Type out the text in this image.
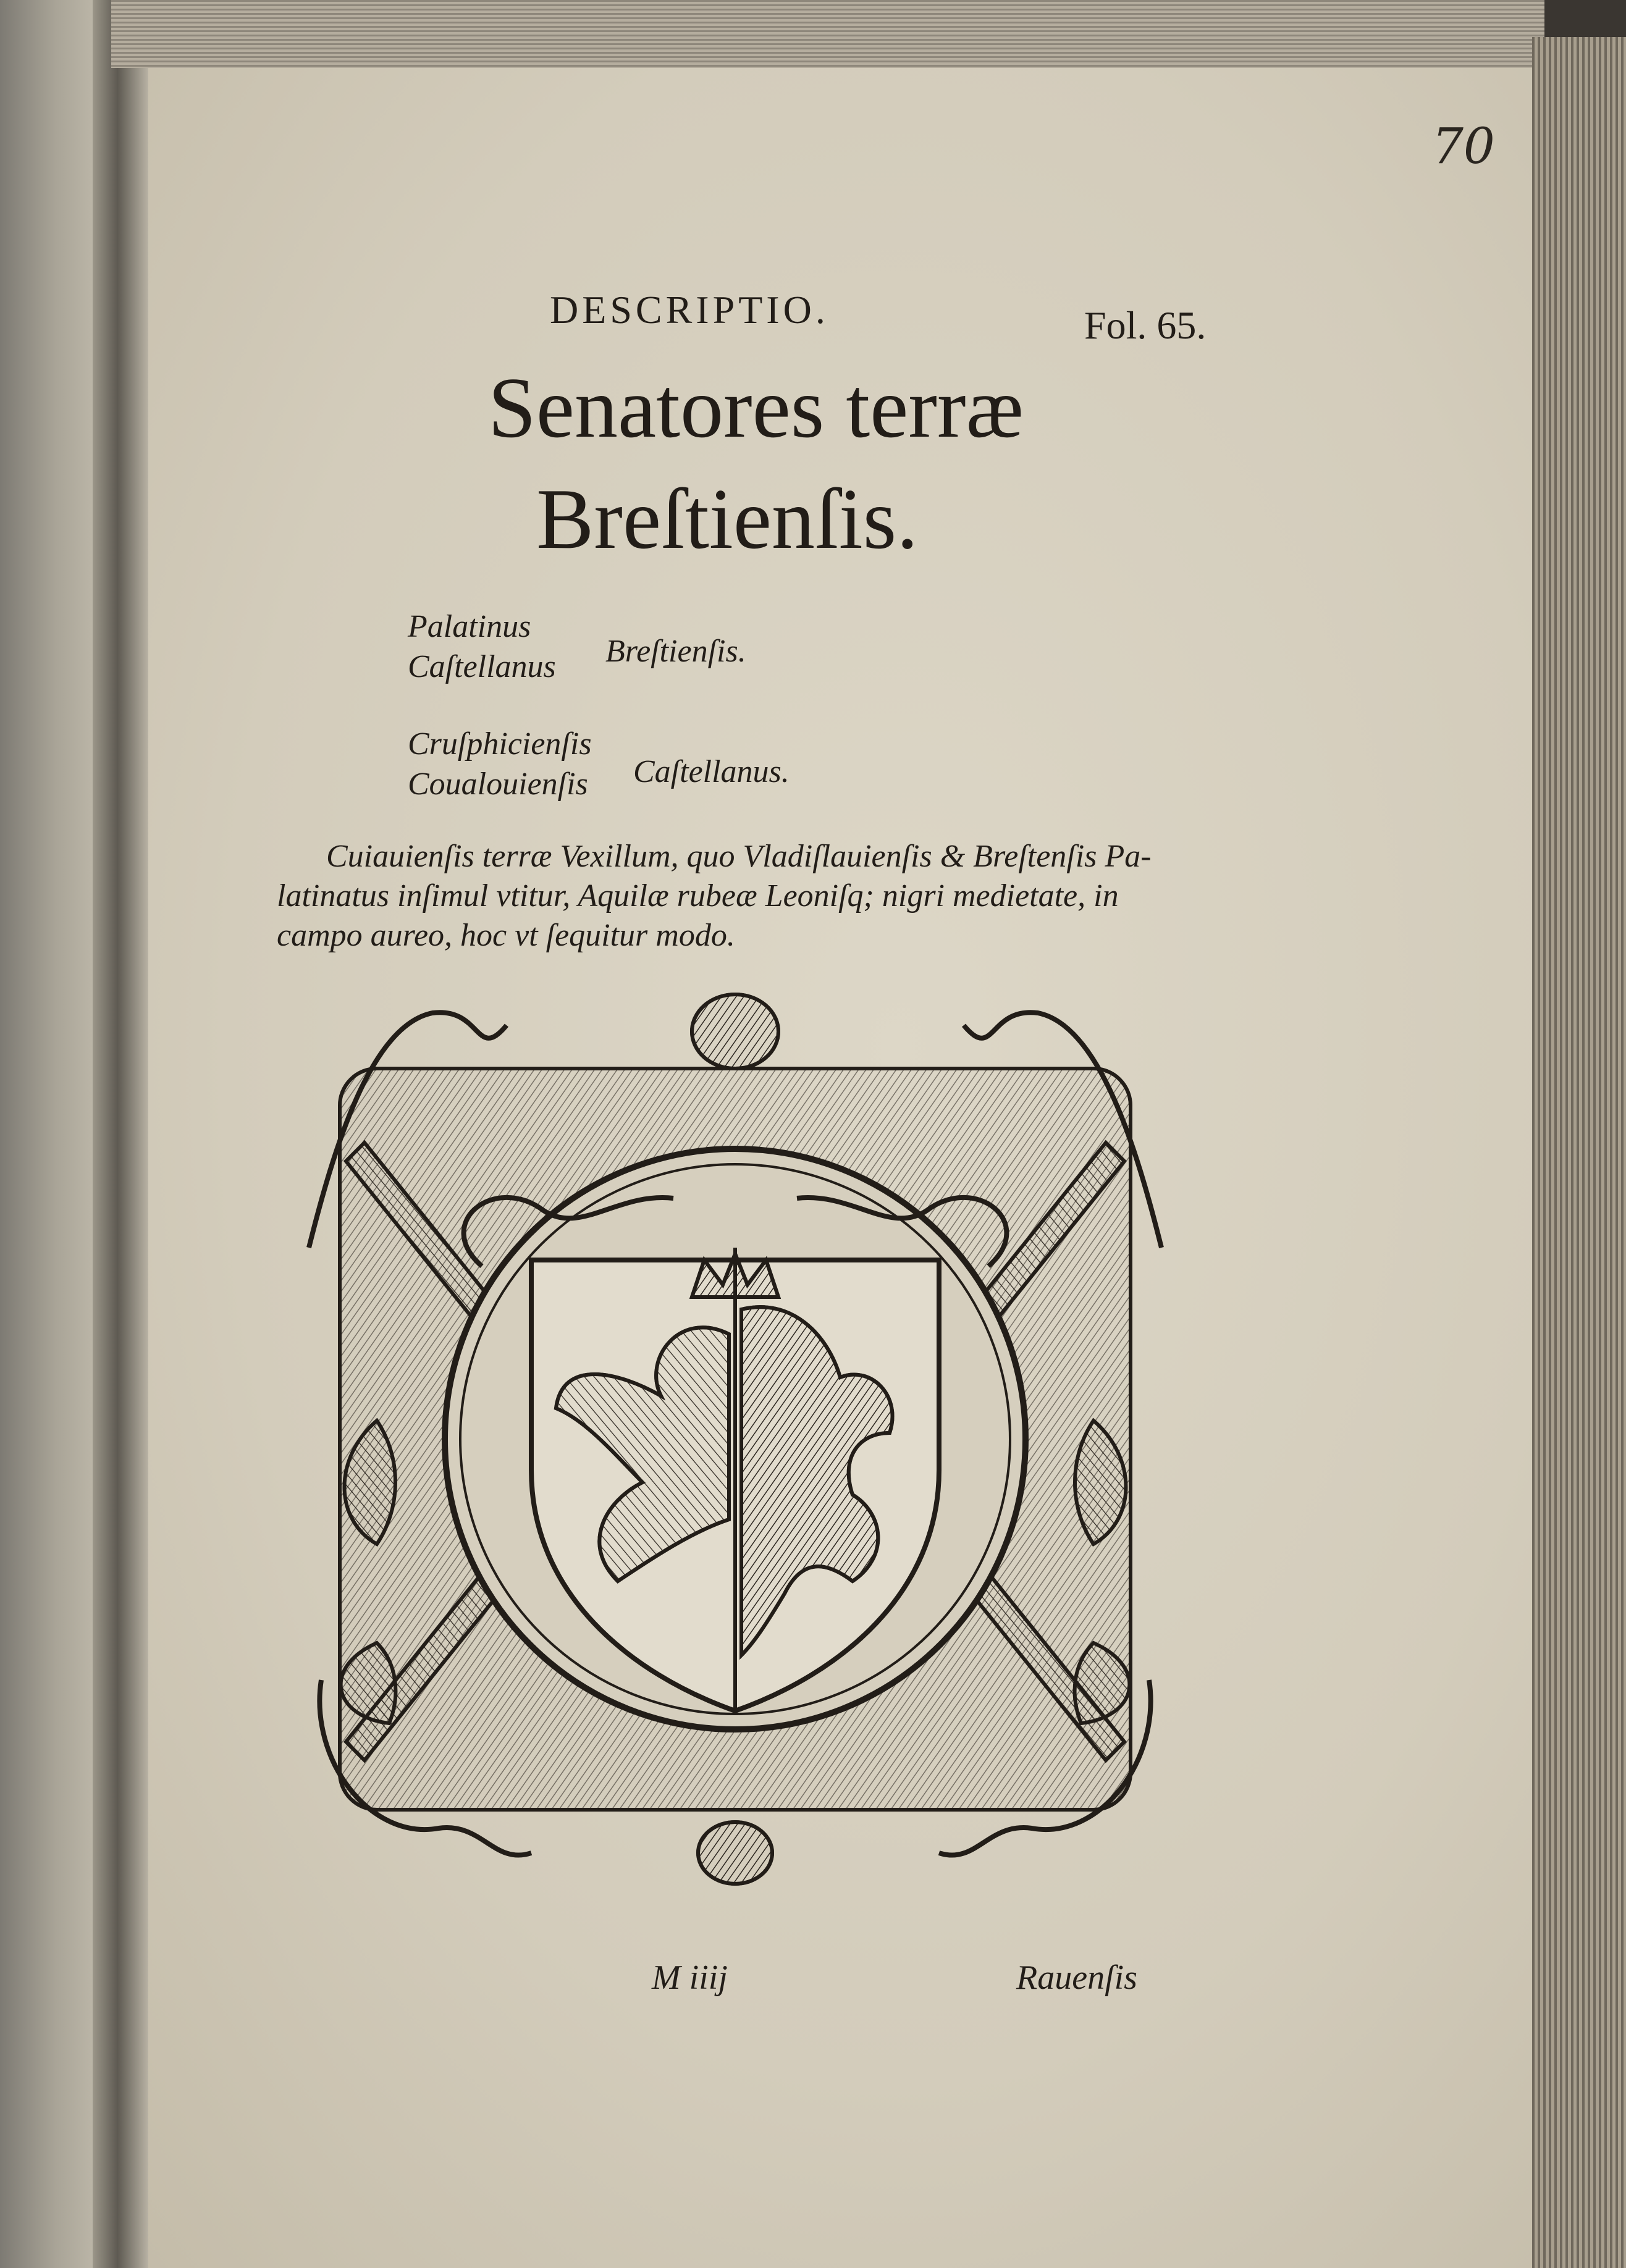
70
DESCRIPTIO.	Fol. 65.
Senatores terræ
Breſtienſis.
Palatinus
Caſtellanus Breſtienſis.
Cruſphicienſis
Coualouienſis Caſtellanus.
Cuiauienſis terræ Vexillum, quo Vladiſlauienſis & Breſtenſis Pa-
latinatus inſimul vtitur, Aquilæ rubeæ Leoniſq; nigri medietate, in
campo aureo, hoc vt ſequitur modo.
M iiij	Rauenſis
